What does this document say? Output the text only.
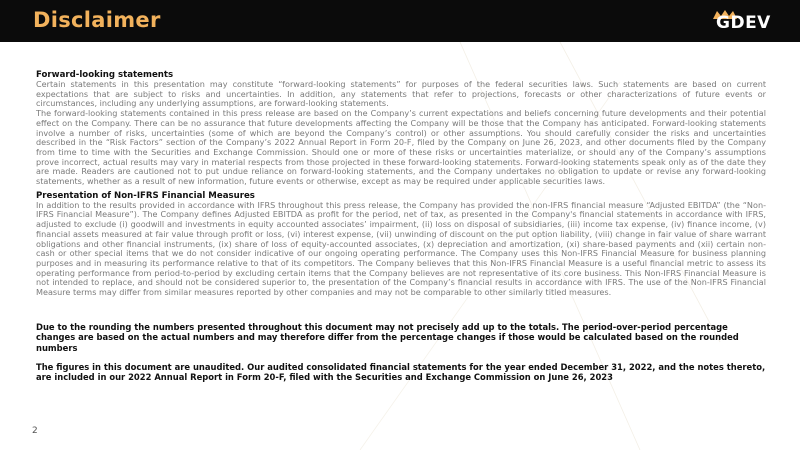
Disclaimer	GDEV
Forward-looking statements

Certain statements in this presentation may constitute “forward-looking statements” for purposes of the federal securities laws. Such statements are based on current expectations that are subject to risks and uncertainties. In addition, any statements that refer to projections, forecasts or other characterizations of future events or circumstances, including any underlying assumptions, are forward-looking statements.

The forward-looking statements contained in this press release are based on the Company’s current expectations and beliefs concerning future developments and their potential effect on the Company. There can be no assurance that future developments affecting the Company will be those that the Company has anticipated. Forward-looking statements involve a number of risks, uncertainties (some of which are beyond the Company’s control) or other assumptions. You should carefully consider the risks and uncertainties described in the “Risk Factors” section of the Company’s 2022 Annual Report in Form 20-F, filed by the Company on June 26, 2023, and other documents filed by the Company from time to time with the Securities and Exchange Commission. Should one or more of these risks or uncertainties materialize, or should any of the Company’s assumptions prove incorrect, actual results may vary in material respects from those projected in these forward-looking statements. Forward-looking statements speak only as of the date they are made. Readers are cautioned not to put undue reliance on forward-looking statements, and the Company undertakes no obligation to update or revise any forward-looking statements, whether as a result of new information, future events or otherwise, except as may be required under applicable securities laws.

Presentation of Non-IFRS Financial Measures

In addition to the results provided in accordance with IFRS throughout this press release, the Company has provided the non-IFRS financial measure “Adjusted EBITDA” (the “Non-IFRS Financial Measure”). The Company defines Adjusted EBITDA as profit for the period, net of tax, as presented in the Company's financial statements in accordance with IFRS, adjusted to exclude (i) goodwill and investments in equity accounted associates’ impairment, (ii) loss on disposal of subsidiaries, (iii) income tax expense, (iv) finance income, (v) financial assets measured at fair value through profit or loss, (vi) interest expense, (vii) unwinding of discount on the put option liability, (viii) change in fair value of share warrant obligations and other financial instruments, (ix) share of loss of equity-accounted associates, (x) depreciation and amortization, (xi) share-based payments and (xii) certain non-cash or other special items that we do not consider indicative of our ongoing operating performance. The Company uses this Non-IFRS Financial Measure for business planning purposes and in measuring its performance relative to that of its competitors. The Company believes that this Non-IFRS Financial Measure is a useful financial metric to assess its operating performance from period-to-period by excluding certain items that the Company believes are not representative of its core business. This Non-IFRS Financial Measure is not intended to replace, and should not be considered superior to, the presentation of the Company’s financial results in accordance with IFRS. The use of the Non-IFRS Financial Measure terms may differ from similar measures reported by other companies and may not be comparable to other similarly titled measures.

Due to the rounding the numbers presented throughout this document may not precisely add up to the totals. The period-over-period percentage changes are based on the actual numbers and may therefore differ from the percentage changes if those would be calculated based on the rounded numbers

The figures in this document are unaudited. Our audited consolidated financial statements for the year ended December 31, 2022, and the notes thereto, are included in our 2022 Annual Report in Form 20-F, filed with the Securities and Exchange Commission on June 26, 2023

2
